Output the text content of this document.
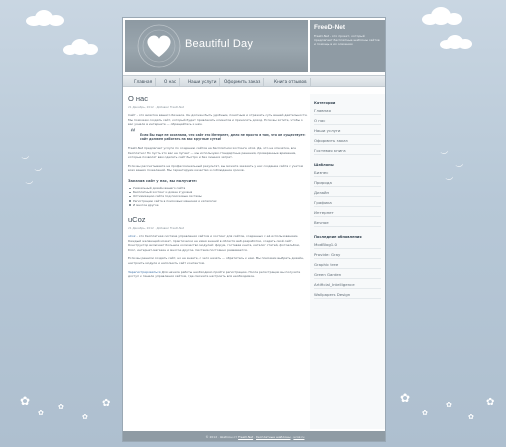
︶
︶
︶
︶
︶
︶
✿
✿
✿
✿
✿	✿
✿
✿
✿
✿
Beautiful Day
FreeD-Net
FreeD-Net - это проект, который предлагает бесплатные шаблоны сайтов и помощь в их освоении
Главная	О нас	Наши услуги	Оформить заказ	Книга отзывов
О нас
21 Декабрь, 2012 · Добавил FreeD-Net
Сайт – это визитка вашего бизнеса. Он должен быть удобным, понятным и отражать суть вашей деятельности. Мы поможем создать сайт, который будет привлекать клиентов и приносить доход. Если вы хотите, чтобы о вас узнали в интернете — обращайтесь к нам.
“ Если Вы еще не осознали, что сайт это Интернет, дело не просто в том, что он существует: сайт должен работать на вас круглые сутки!
FreeD-Net предлагает услуги по созданию сайтов на бесплатном хостинге uCoz. Да, это не опечатка, все бесплатно! Но пусть это вас не пугает — мы используем стандартные решения, проверенные временем, которые позволят вам сделать сайт быстро и без лишних затрат.
Если вы рассчитываете на профессиональный результат, вы можете заказать у нас создание сайта с учетом всех ваших пожеланий. Мы гарантируем качество и соблюдение сроков.
Заказав сайт у нас, вы получите:
Уникальный дизайн вашего сайта
Бесплатный хостинг и домен 2 уровня
Оптимизацию сайта под поисковые системы
Регистрацию сайта в поисковых машинах и каталогах
И многое другое
uCoz
21 Декабрь, 2012 · Добавил FreeD-Net
uCoz – это бесплатная система управления сайтом и хостинг для сайтов, созданных с её использованием. Каждый желающий может, практически не имея знаний в области веб-разработки, создать свой сайт. Конструктор включает большое количество модулей: форум, гостевая книга, каталог статей, фотоальбом, блог, интернет-магазин и многое другое. Система постоянно развивается.
Если вы решили создать сайт, но не знаете, с чего начать — обратитесь к нам. Мы поможем выбрать дизайн, настроить модули и наполнить сайт контентом.
Зарегистрироваться Для начала работы необходимо пройти регистрацию. После регистрации вы получите доступ к панели управления сайтом, где сможете настроить всё необходимое.
Категории
Главная
О нас
Наши услуги
Оформить заказ
Гостевая книга
Шаблоны
Бизнес
Природа
Дизайн
Графика
Интернет
Вечное
Последние обновления
ModBlog1.0
Provide: Gray
Graphic tree
Green Garden
Artificial_Intelligence
Wallpapers Design
© 2012 · Шаблон от FreeD-Net · бесплатные шаблоны · ucoz.ru
